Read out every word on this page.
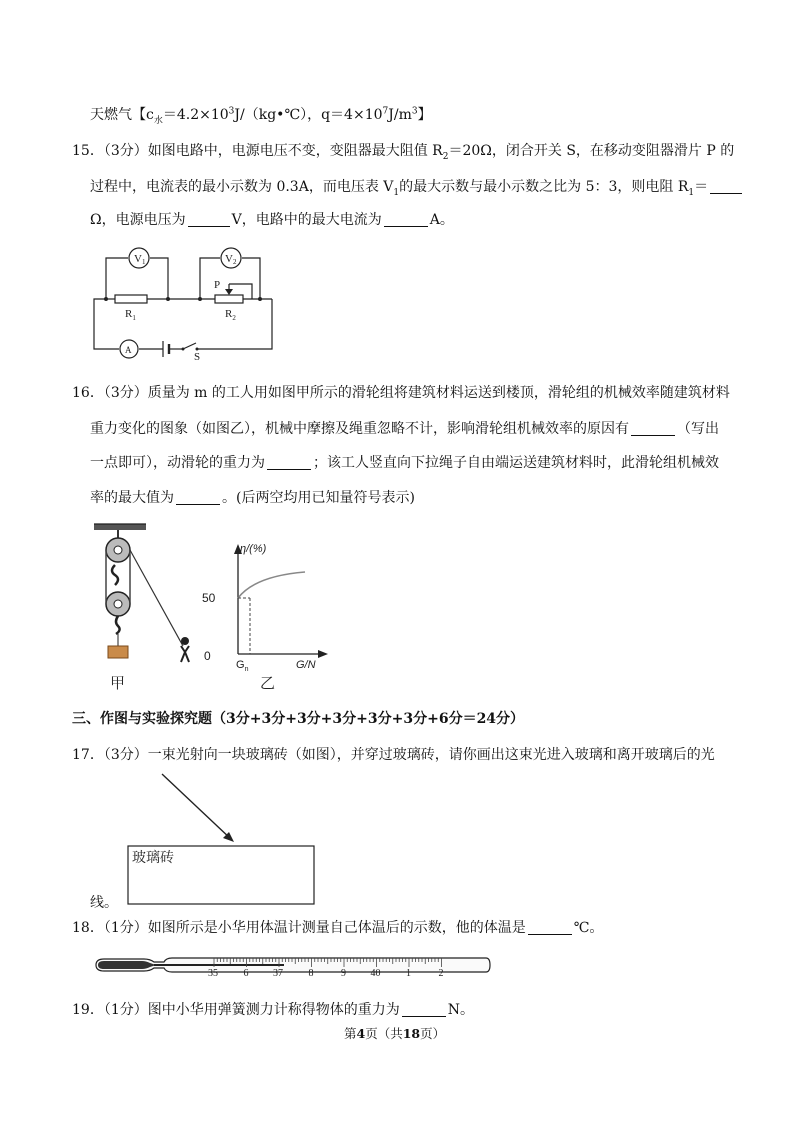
天燃气【$c_水=4.2\times 10^3J/(kg•℃)$，$q=4\times 10^7J/m^3$】
15．（3分）如图电路中，电源电压不变，变阻器最大阻值 $R_2=20\Omega$，闭合开关 S，在移动变阻器滑片 P 的
过程中，电流表的最小示数为 0.3A，而电压表 $V_1$的最大示数与最小示数之比为 5：3，则电阻 $R_1=$
Ω，电源电压为	V，电路中的最大电流为	A。
V1	V2
P
$R_1$	$R_2$
A
S
16．（3分）质量为 m 的工人用如图甲所示的滑轮组将建筑材料运送到楼顶，滑轮组的机械效率随建筑材料
重力变化的图象（如图乙），机械中摩擦及绳重忽略不计，影响滑轮组机械效率的原因有	（写出
一点即可），动滑轮的重力为	；该工人竖直向下拉绳子自由端运送建筑材料时，此滑轮组机械效
率的最大值为	。(后两空均用已知量符号表示)
甲
η/(%)
50
0
$G_n$	G/N
乙
三、作图与实验探究题（3分+3分+3分+3分+3分+3分+6分＝24分）
17．（3分）一束光射向一块玻璃砖（如图），并穿过玻璃砖，请你画出这束光进入玻璃和离开玻璃后的光
玻璃砖
线。
18．（1分）如图所示是小华用体温计测量自己体温后的示数，他的体温是	℃。
35	6 37	8	9 40	1	2
19．（1分）图中小华用弹簧测力计称得物体的重力为	N。
第4页（共18页）
